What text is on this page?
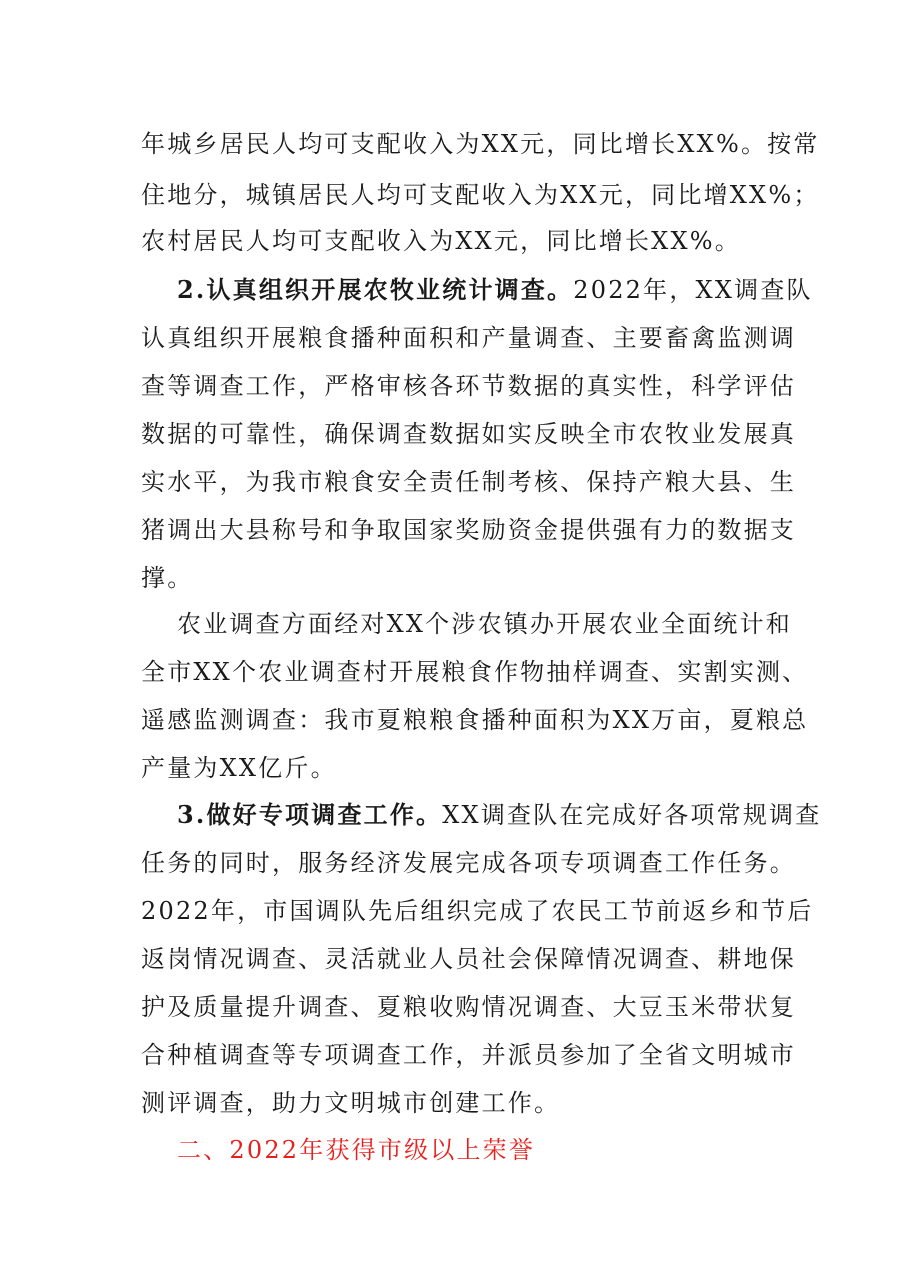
年城乡居民人均可支配收入为XX元，同比增长XX%。按常
住地分，城镇居民人均可支配收入为XX元，同比增XX%；
农村居民人均可支配收入为XX元，同比增长XX%。
2.认真组织开展农牧业统计调查。2022年，XX调查队
认真组织开展粮食播种面积和产量调查、主要畜禽监测调
查等调查工作，严格审核各环节数据的真实性，科学评估
数据的可靠性，确保调查数据如实反映全市农牧业发展真
实水平，为我市粮食安全责任制考核、保持产粮大县、生
猪调出大县称号和争取国家奖励资金提供强有力的数据支
撑。
农业调查方面经对XX个涉农镇办开展农业全面统计和
全市XX个农业调查村开展粮食作物抽样调查、实割实测、
遥感监测调查：我市夏粮粮食播种面积为XX万亩，夏粮总
产量为XX亿斤。
3.做好专项调查工作。XX调查队在完成好各项常规调查
任务的同时，服务经济发展完成各项专项调查工作任务。
2022年，市国调队先后组织完成了农民工节前返乡和节后
返岗情况调查、灵活就业人员社会保障情况调查、耕地保
护及质量提升调查、夏粮收购情况调查、大豆玉米带状复
合种植调查等专项调查工作，并派员参加了全省文明城市
测评调查，助力文明城市创建工作。
二、2022年获得市级以上荣誉
